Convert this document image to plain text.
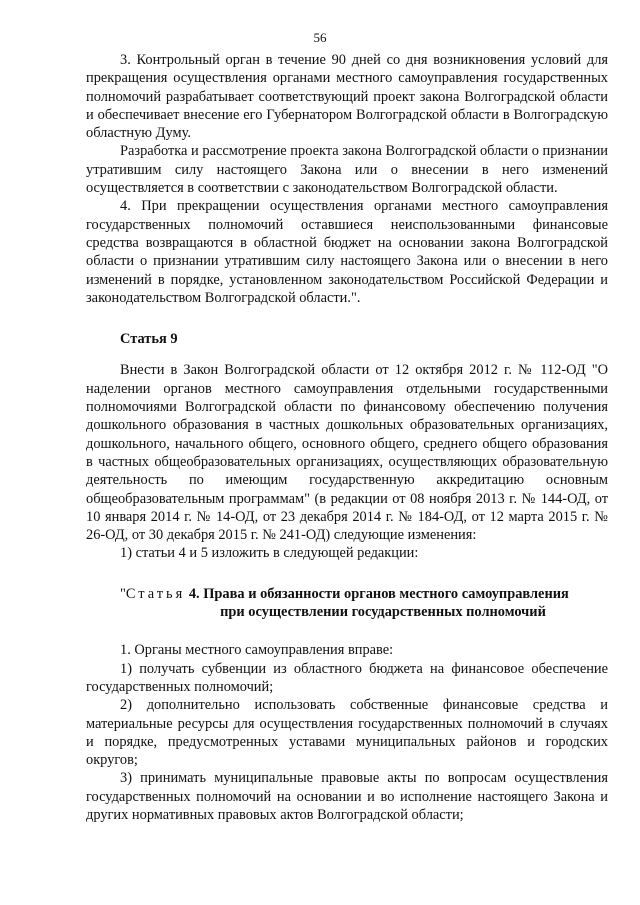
56

3. Контрольный орган в течение 90 дней со дня возникновения условий для прекращения осуществления органами местного самоуправления государственных полномочий разрабатывает соответствующий проект закона Волгоградской области и обеспечивает внесение его Губернатором Волгоградской области в Волгоградскую областную Думу.

Разработка и рассмотрение проекта закона Волгоградской области о признании утратившим силу настоящего Закона или о внесении в него изменений осуществляется в соответствии с законодательством Волгоградской области.

4. При прекращении осуществления органами местного самоуправления государственных полномочий оставшиеся неиспользованными финансовые средства возвращаются в областной бюджет на основании закона Волгоградской области о признании утратившим силу настоящего Закона или о внесении в него изменений в порядке, установленном законодательством Российской Федерации и законодательством Волгоградской области.".

Статья 9

Внести в Закон Волгоградской области от 12 октября 2012 г. № 112-ОД "О наделении органов местного самоуправления отдельными государственными полномочиями Волгоградской области по финансовому обеспечению получения дошкольного образования в частных дошкольных образовательных организациях, дошкольного, начального общего, основного общего, среднего общего образования в частных общеобразовательных организациях, осуществляющих образовательную деятельность по имеющим государственную аккредитацию основным общеобразовательным программам" (в редакции от 08 ноября 2013 г. № 144-ОД, от 10 января 2014 г. № 14-ОД, от 23 декабря 2014 г. № 184-ОД, от 12 марта 2015 г. № 26-ОД, от 30 декабря 2015 г. № 241-ОД) следующие изменения:

1) статьи 4 и 5 изложить в следующей редакции:

"Статья 4. Права и обязанности органов местного самоуправления

при осуществлении государственных полномочий

1. Органы местного самоуправления вправе:

1) получать субвенции из областного бюджета на финансовое обеспечение государственных полномочий;

2) дополнительно использовать собственные финансовые средства и материальные ресурсы для осуществления государственных полномочий в случаях и порядке, предусмотренных уставами муниципальных районов и городских округов;

3) принимать муниципальные правовые акты по вопросам осуществления государственных полномочий на основании и во исполнение настоящего Закона и других нормативных правовых актов Волгоградской области;
